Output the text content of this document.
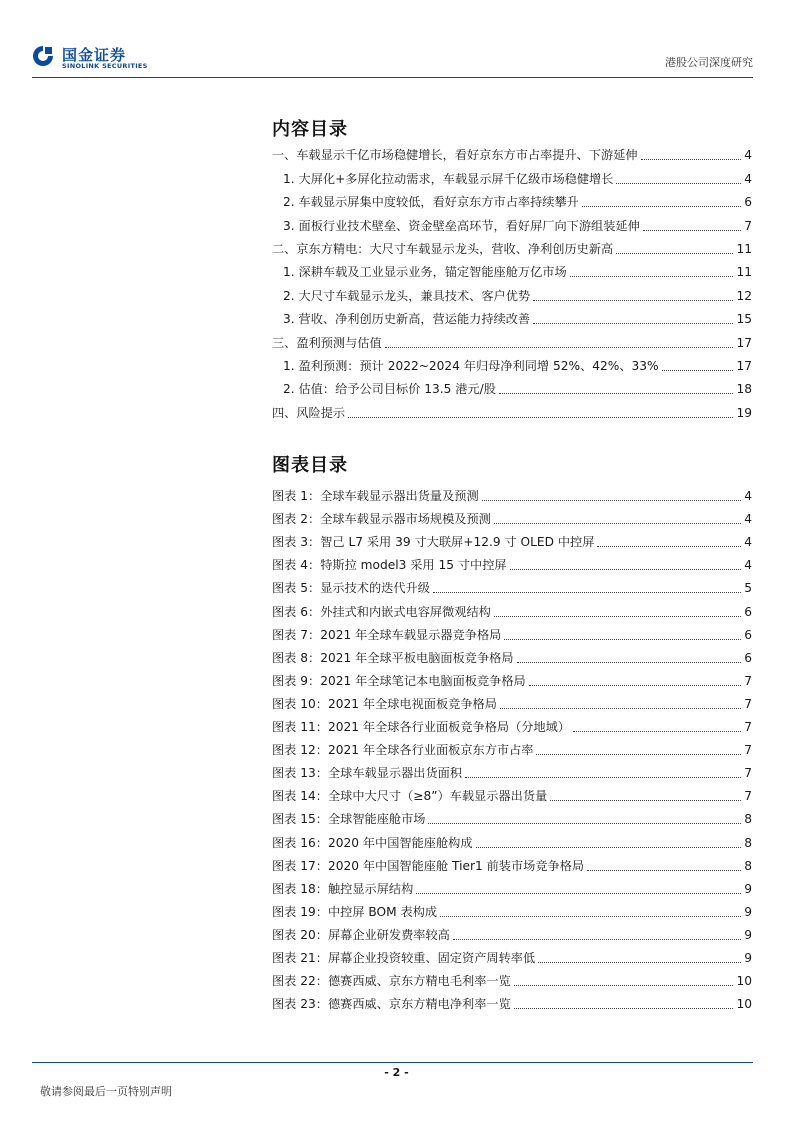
国金证券
SINOLINK SECURITIES	港股公司深度研究
内容目录
一、车载显示千亿市场稳健增长，看好京东方市占率提升、下游延伸	4
1. 大屏化+多屏化拉动需求，车载显示屏千亿级市场稳健增长	4
2. 车载显示屏集中度较低，看好京东方市占率持续攀升	6
3. 面板行业技术壁垒、资金壁垒高环节，看好屏厂向下游组装延伸	7
二、京东方精电：大尺寸车载显示龙头，营收、净利创历史新高	11
1. 深耕车载及工业显示业务，锚定智能座舱万亿市场	11
2. 大尺寸车载显示龙头，兼具技术、客户优势	12
3. 营收、净利创历史新高，营运能力持续改善	15
三、盈利预测与估值	17
1. 盈利预测：预计 2022~2024 年归母净利同增 52%、42%、33%	17
2. 估值：给予公司目标价 13.5 港元/股	18
四、风险提示	19
图表目录
图表 1：全球车载显示器出货量及预测	4
图表 2：全球车载显示器市场规模及预测	4
图表 3：智己 L7 采用 39 寸大联屏+12.9 寸 OLED 中控屏	4
图表 4：特斯拉 model3 采用 15 寸中控屏	4
图表 5：显示技术的迭代升级	5
图表 6：外挂式和内嵌式电容屏微观结构	6
图表 7：2021 年全球车载显示器竞争格局	6
图表 8：2021 年全球平板电脑面板竞争格局	6
图表 9：2021 年全球笔记本电脑面板竞争格局	7
图表 10：2021 年全球电视面板竞争格局	7
图表 11：2021 年全球各行业面板竞争格局（分地域）	7
图表 12：2021 年全球各行业面板京东方市占率	7
图表 13：全球车载显示器出货面积	7
图表 14：全球中大尺寸（≥8”）车载显示器出货量	7
图表 15：全球智能座舱市场	8
图表 16：2020 年中国智能座舱构成	8
图表 17：2020 年中国智能座舱 Tier1 前装市场竞争格局	8
图表 18：触控显示屏结构	9
图表 19：中控屏 BOM 表构成	9
图表 20：屏幕企业研发费率较高	9
图表 21：屏幕企业投资较重、固定资产周转率低	9
图表 22：德赛西威、京东方精电毛利率一览	10
图表 23：德赛西威、京东方精电净利率一览	10
- 2 -
敬请参阅最后一页特别声明
